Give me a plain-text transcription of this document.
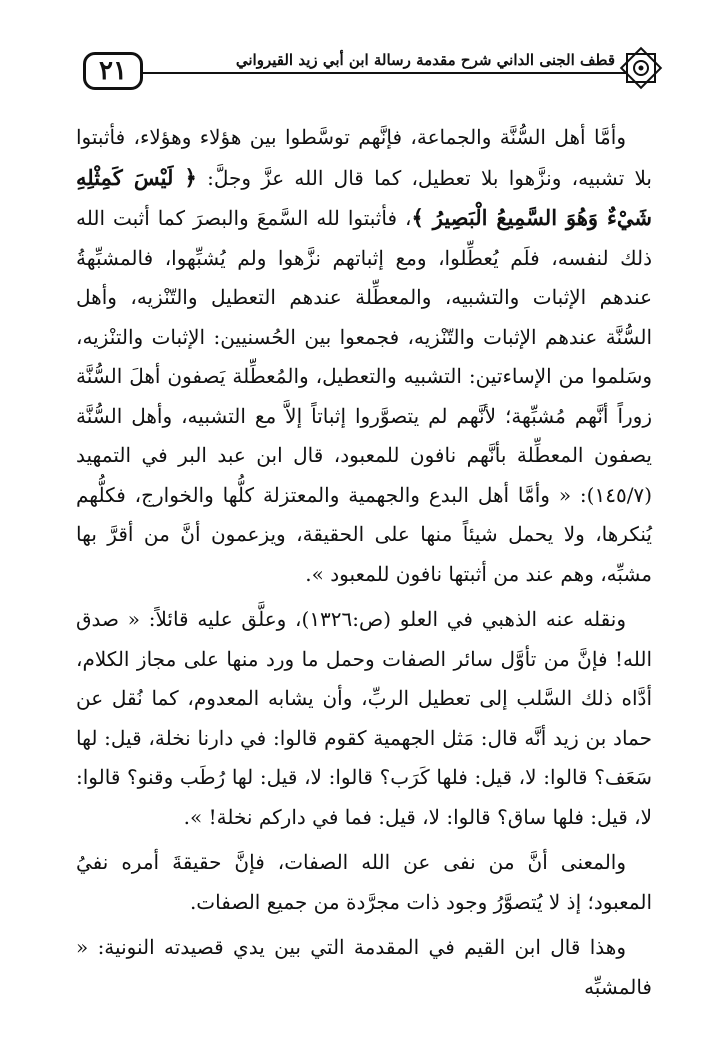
٢١	قطف الجنى الداني شرح مقدمة رسالة ابن أبي زيد القيرواني

وأمَّا أهل السُّنَّة والجماعة، فإنَّهم توسَّطوا بين هؤلاء وهؤلاء، فأثبتوا بلا تشبيه، ونزَّهوا بلا تعطيل، كما قال الله عزَّ وجلَّ: ﴿ لَيْسَ كَمِثْلِهِ شَيْءٌ وَهُوَ السَّمِيعُ الْبَصِيرُ ﴾، فأثبتوا لله السَّمعَ والبصرَ كما أثبت الله ذلك لنفسه، فلَم يُعطِّلوا، ومع إثباتهم نزَّهوا ولم يُشبِّهوا، فالمشبِّهةُ عندهم الإثبات والتشبيه، والمعطِّلة عندهم التعطيل والتّنْزيه، وأهل السُّنَّة عندهم الإثبات والتّنْزيه، فجمعوا بين الحُسنيين: الإثبات والتنْزيه، وسَلموا من الإساءتين: التشبيه والتعطيل، والمُعطِّلة يَصفون أهلَ السُّنَّة زوراً أنَّهم مُشبِّهة؛ لأنَّهم لم يتصوَّروا إثباتاً إلاَّ مع التشبيه، وأهل السُّنَّة يصفون المعطِّلة بأنَّهم نافون للمعبود، قال ابن عبد البر في التمهيد (١٤٥/٧): « وأمَّا أهل البدع والجهمية والمعتزلة كلُّها والخوارج، فكلُّهم يُنكرها، ولا يحمل شيئاً منها على الحقيقة، ويزعمون أنَّ من أقرَّ بها مشبِّه، وهم عند من أثبتها نافون للمعبود ».

ونقله عنه الذهبي في العلو (ص:١٣٢٦)، وعلَّق عليه قائلاً: « صدق الله! فإنَّ من تأوَّل سائر الصفات وحمل ما ورد منها على مجاز الكلام، أدَّاه ذلك السَّلب إلى تعطيل الربِّ، وأن يشابه المعدوم، كما نُقل عن حماد بن زيد أنَّه قال: مَثل الجهمية كقوم قالوا: في دارنا نخلة، قيل: لها سَعَف؟ قالوا: لا، قيل: فلها كَرَب؟ قالوا: لا، قيل: لها رُطَب وقنو؟ قالوا: لا، قيل: فلها ساق؟ قالوا: لا، قيل: فما في داركم نخلة! ».

والمعنى أنَّ من نفى عن الله الصفات، فإنَّ حقيقةَ أمره نفيُ المعبود؛ إذ لا يُتصوَّرُ وجود ذات مجرَّدة من جميع الصفات.

وهذا قال ابن القيم في المقدمة التي بين يدي قصيدته النونية: « فالمشبِّه
